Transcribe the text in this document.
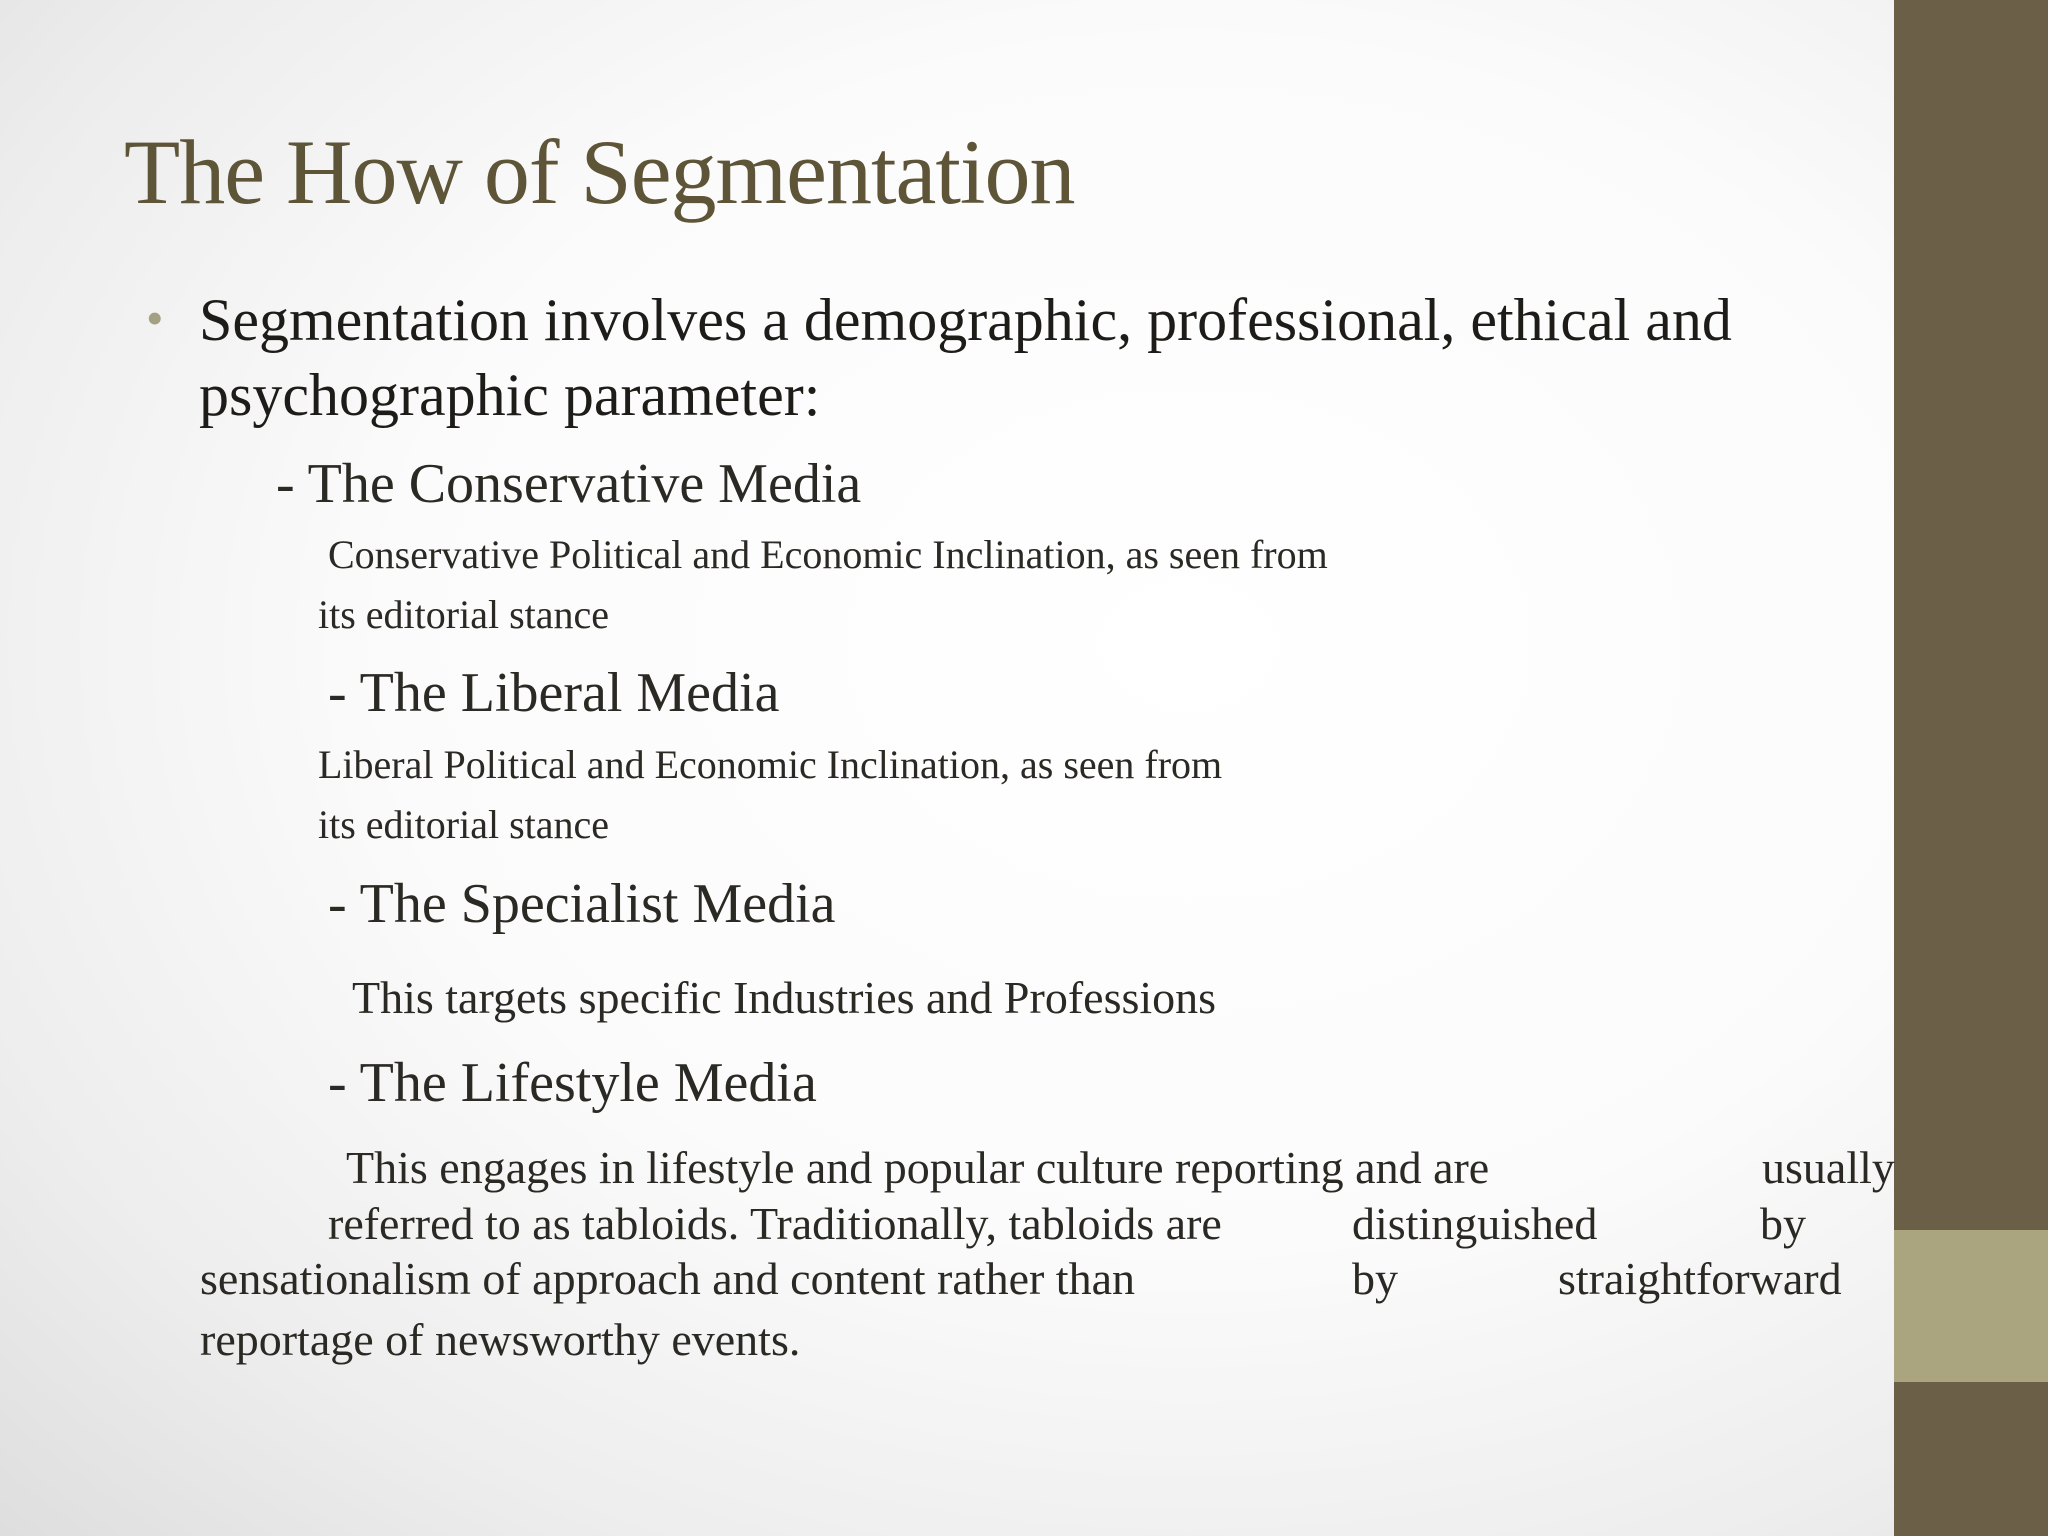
The How of Segmentation
• Segmentation involves a demographic, professional, ethical and
psychographic parameter:

- The Conservative Media

Conservative Political and Economic Inclination, as seen from

its editorial stance

- The Liberal Media

Liberal Political and Economic Inclination, as seen from

its editorial stance

- The Specialist Media

This targets specific Industries and Professions

- The Lifestyle Media

This engages in lifestyle and popular culture reporting and are	usually
referred to as tabloids. Traditionally, tabloids are	distinguished	by
sensationalism of approach and content rather than	by	straightforward
reportage of newsworthy events.
